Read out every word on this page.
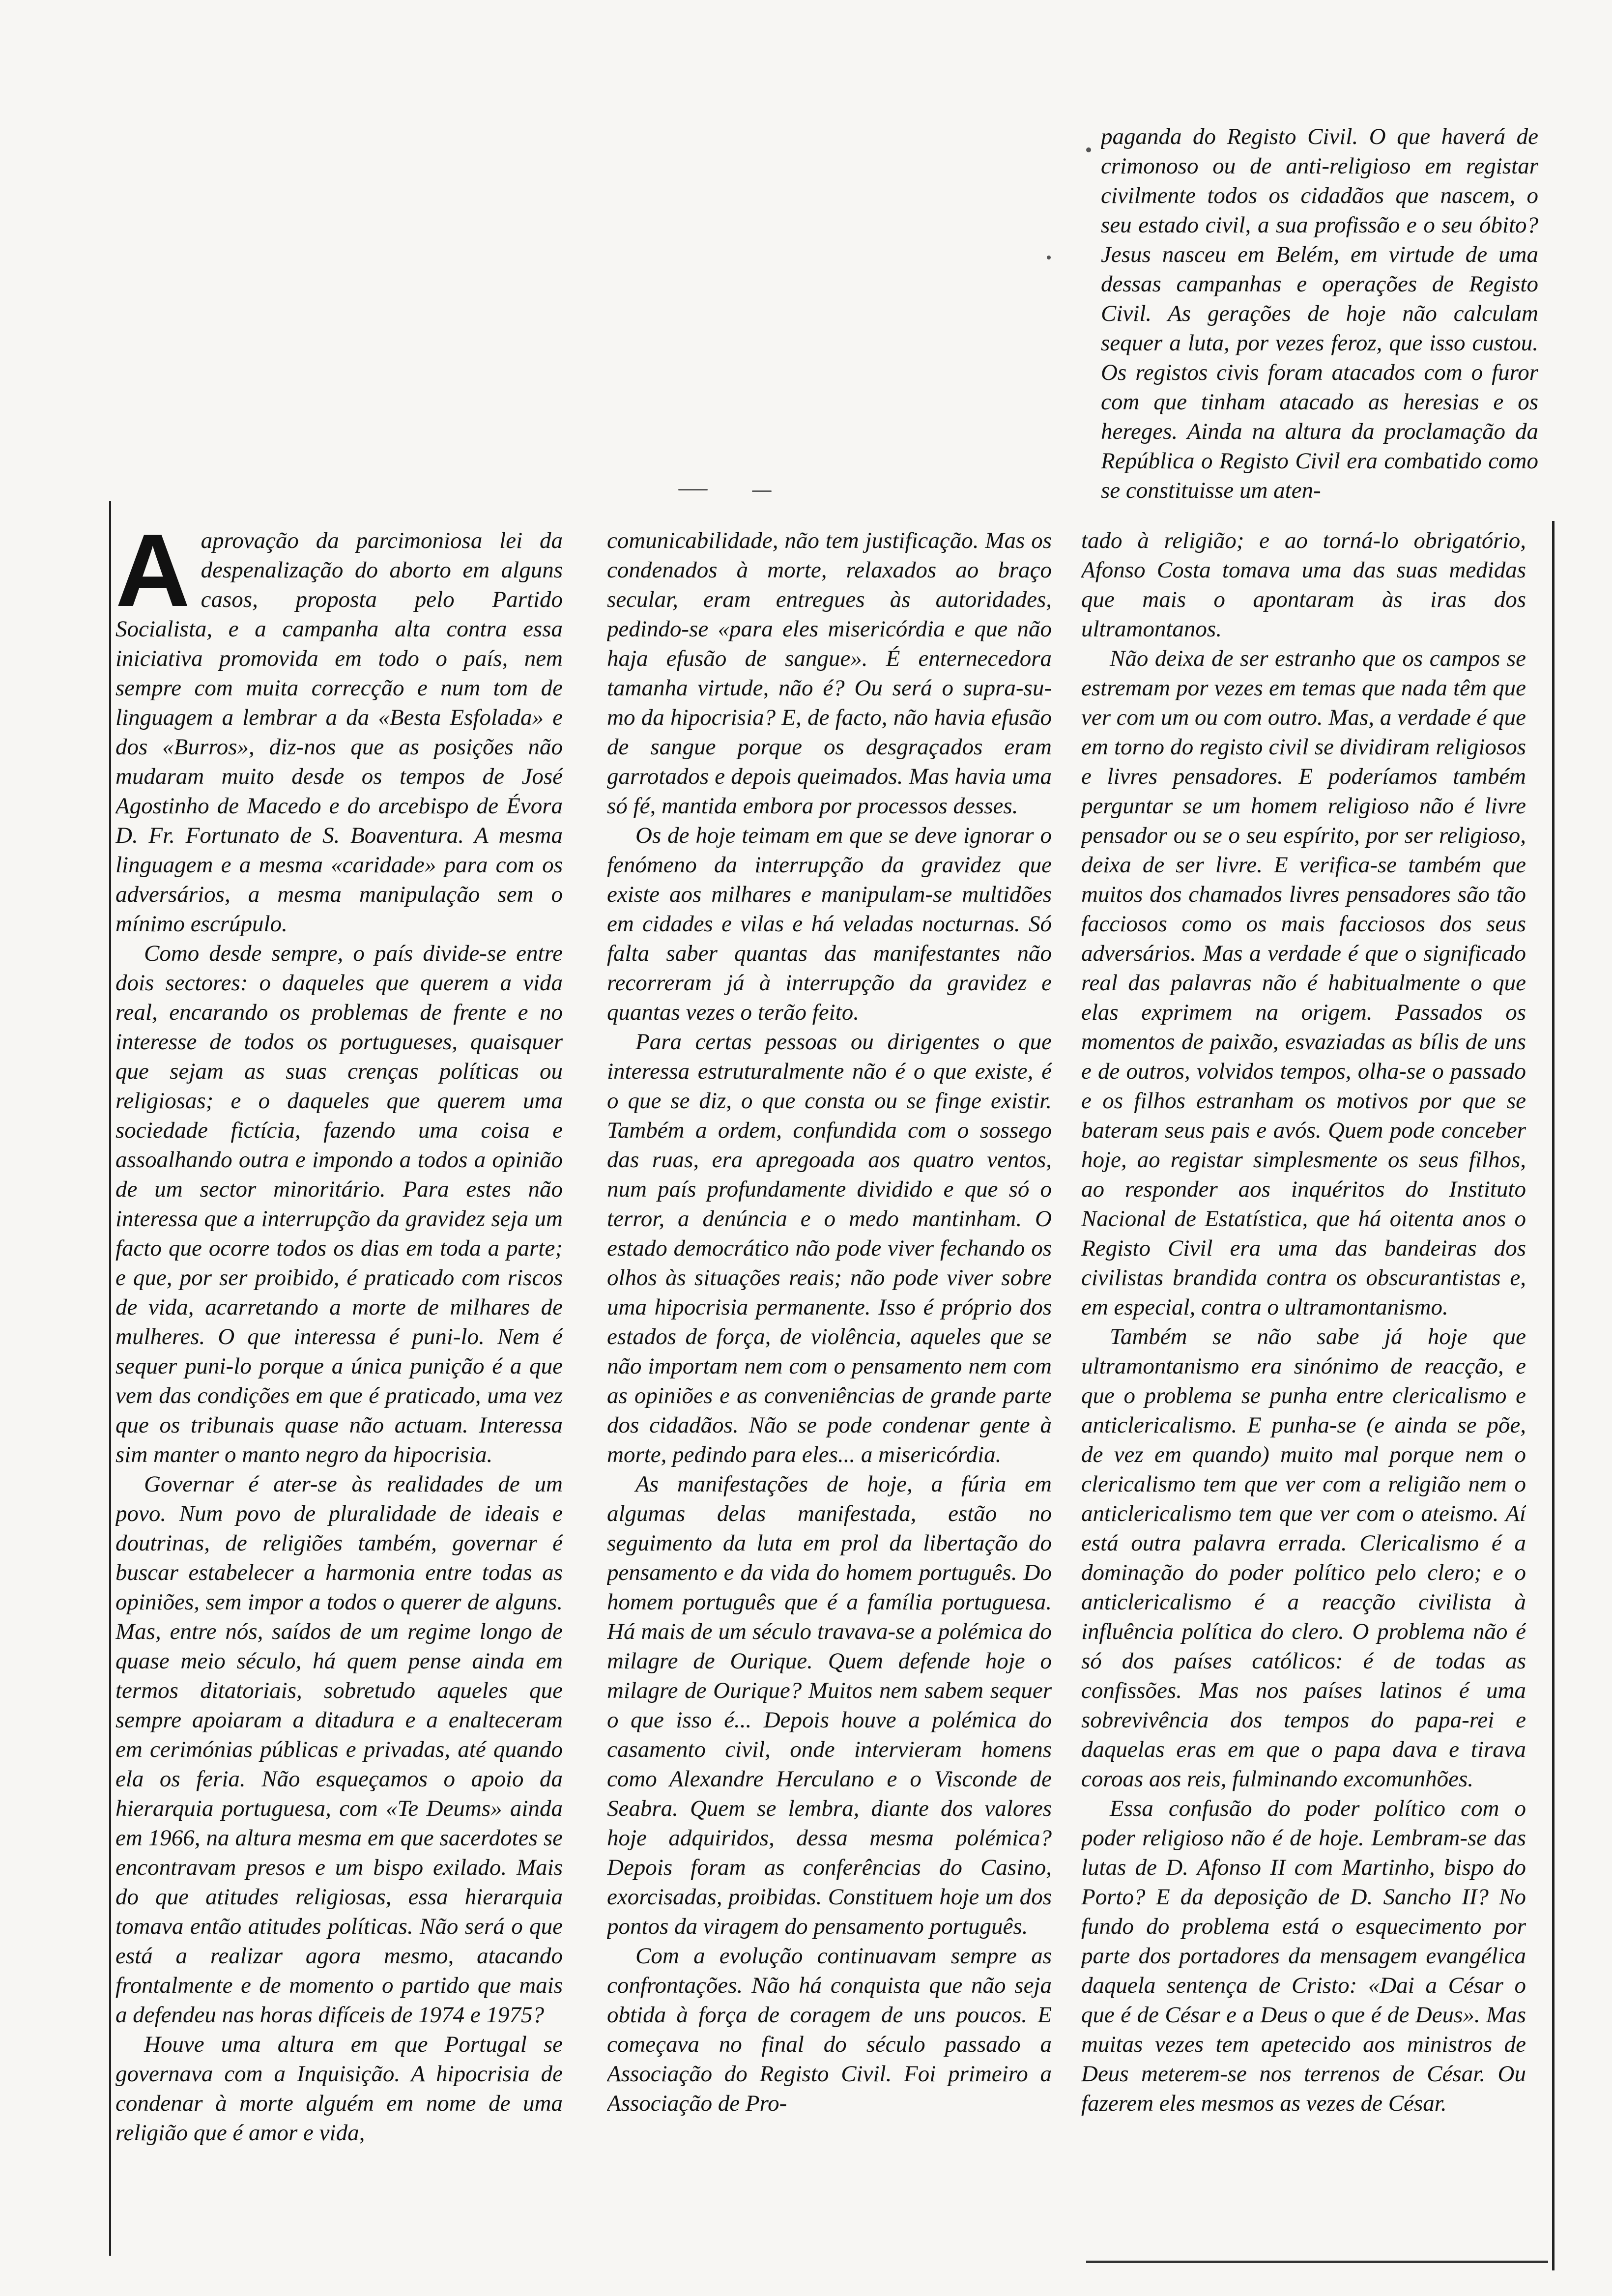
paganda do Registo Civil. O que haverá de crimonoso ou de anti-religioso em registar civilmente todos os cidadãos que nascem, o seu estado civil, a sua profissão e o seu óbito? Jesus nasceu em Belém, em virtude de uma dessas campanhas e operações de Registo Civil. As gerações de hoje não calculam sequer a luta, por vezes feroz, que isso custou. Os registos civis foram atacados com o furor com que tinham atacado as heresias e os hereges. Ainda na altura da proclamação da República o Registo Civil era combatido como se constituisse um aten-

Aaprovação da parcimoniosa lei da despenalização do aborto em alguns casos, proposta pelo Partido Socialista, e a campanha alta contra essa iniciativa promovida em todo o país, nem sempre com muita correcção e num tom de linguagem a lembrar a da «Besta Esfolada» e dos «Burros», diz-nos que as posições não mudaram muito desde os tempos de José Agostinho de Macedo e do arcebispo de Évora D. Fr. Fortunato de S. Boaventura. A mesma linguagem e a mesma «caridade» para com os adversários, a mesma manipulação sem o mínimo escrúpulo.

Como desde sempre, o país divide-se entre dois sectores: o daqueles que querem a vida real, encarando os problemas de frente e no interesse de todos os portugueses, quaisquer que sejam as suas crenças políticas ou religiosas; e o daqueles que querem uma sociedade fictícia, fazendo uma coisa e assoalhando outra e impondo a todos a opinião de um sector minoritário. Para estes não interessa que a interrupção da gravidez seja um facto que ocorre todos os dias em toda a parte; e que, por ser proibido, é praticado com riscos de vida, acarretando a morte de milhares de mulheres. O que interessa é puni-lo. Nem é sequer puni-lo porque a única punição é a que vem das condições em que é praticado, uma vez que os tribunais quase não actuam. Interessa sim manter o manto negro da hipocrisia.

Governar é ater-se às realidades de um povo. Num povo de pluralidade de ideais e doutrinas, de religiões também, governar é buscar estabelecer a harmonia entre todas as opiniões, sem impor a todos o querer de alguns. Mas, entre nós, saídos de um regime longo de quase meio século, há quem pense ainda em termos ditatoriais, sobretudo aqueles que sempre apoiaram a ditadura e a enalteceram em cerimónias públicas e privadas, até quando ela os feria. Não esqueçamos o apoio da hierarquia portuguesa, com «Te Deums» ainda em 1966, na altura mesma em que sacerdotes se encontravam presos e um bispo exilado. Mais do que atitudes religiosas, essa hierarquia tomava então atitudes políticas. Não será o que está a realizar agora mesmo, atacando frontalmente e de momento o partido que mais a defendeu nas horas difíceis de 1974 e 1975?

Houve uma altura em que Portugal se governava com a Inquisição. A hipocrisia de condenar à morte alguém em nome de uma religião que é amor e vida,

comunicabilidade, não tem justificação. Mas os condenados à morte, relaxados ao braço secular, eram entregues às autoridades, pedindo-se «para eles misericórdia e que não haja efusão de sangue». É enternecedora tamanha virtude, não é? Ou será o supra-su-mo da hipocrisia? E, de facto, não havia efusão de sangue porque os desgraçados eram garrotados e depois queimados. Mas havia uma só fé, mantida embora por processos desses.

Os de hoje teimam em que se deve ignorar o fenómeno da interrupção da gravidez que existe aos milhares e manipulam-se multidões em cidades e vilas e há veladas nocturnas. Só falta saber quantas das manifestantes não recorreram já à interrupção da gravidez e quantas vezes o terão feito.

Para certas pessoas ou dirigentes o que interessa estruturalmente não é o que existe, é o que se diz, o que consta ou se finge existir. Também a ordem, confundida com o sossego das ruas, era apregoada aos quatro ventos, num país profundamente dividido e que só o terror, a denúncia e o medo mantinham. O estado democrático não pode viver fechando os olhos às situações reais; não pode viver sobre uma hipocrisia permanente. Isso é próprio dos estados de força, de violência, aqueles que se não importam nem com o pensamento nem com as opiniões e as conveniências de grande parte dos cidadãos. Não se pode condenar gente à morte, pedindo para eles... a misericórdia.

As manifestações de hoje, a fúria em algumas delas manifestada, estão no seguimento da luta em prol da libertação do pensamento e da vida do homem português. Do homem português que é a família portuguesa. Há mais de um século travava-se a polémica do milagre de Ourique. Quem defende hoje o milagre de Ourique? Muitos nem sabem sequer o que isso é... Depois houve a polémica do casamento civil, onde intervieram homens como Alexandre Herculano e o Visconde de Seabra. Quem se lembra, diante dos valores hoje adquiridos, dessa mesma polémica? Depois foram as conferências do Casino, exorcisadas, proibidas. Constituem hoje um dos pontos da viragem do pensamento português.

Com a evolução continuavam sempre as confrontações. Não há conquista que não seja obtida à força de coragem de uns poucos. E começava no final do século passado a Associação do Registo Civil. Foi primeiro a Associação de Pro-

tado à religião; e ao torná-lo obrigatório, Afonso Costa tomava uma das suas medidas que mais o apontaram às iras dos ultramontanos.

Não deixa de ser estranho que os campos se estremam por vezes em temas que nada têm que ver com um ou com outro. Mas, a verdade é que em torno do registo civil se dividiram religiosos e livres pensadores. E poderíamos também perguntar se um homem religioso não é livre pensador ou se o seu espírito, por ser religioso, deixa de ser livre. E verifica-se também que muitos dos chamados livres pensadores são tão facciosos como os mais facciosos dos seus adversários. Mas a verdade é que o significado real das palavras não é habitualmente o que elas exprimem na origem. Passados os momentos de paixão, esvaziadas as bílis de uns e de outros, volvidos tempos, olha-se o passado e os filhos estranham os motivos por que se bateram seus pais e avós. Quem pode conceber hoje, ao registar simplesmente os seus filhos, ao responder aos inquéritos do Instituto Nacional de Estatística, que há oitenta anos o Registo Civil era uma das bandeiras dos civilistas brandida contra os obscurantistas e, em especial, contra o ultramontanismo.

Também se não sabe já hoje que ultramontanismo era sinónimo de reacção, e que o problema se punha entre clericalismo e anticlericalismo. E punha-se (e ainda se põe, de vez em quando) muito mal porque nem o clericalismo tem que ver com a religião nem o anticlericalismo tem que ver com o ateismo. Aí está outra palavra errada. Clericalismo é a dominação do poder político pelo clero; e o anticlericalismo é a reacção civilista à influência política do clero. O problema não é só dos países católicos: é de todas as confissões. Mas nos países latinos é uma sobrevivência dos tempos do papa-rei e daquelas eras em que o papa dava e tirava coroas aos reis, fulminando excomunhões.

Essa confusão do poder político com o poder religioso não é de hoje. Lembram-se das lutas de D. Afonso II com Martinho, bispo do Porto? E da deposição de D. Sancho II? No fundo do problema está o esquecimento por parte dos portadores da mensagem evangélica daquela sentença de Cristo: «Dai a César o que é de César e a Deus o que é de Deus». Mas muitas vezes tem apetecido aos ministros de Deus meterem-se nos terrenos de César. Ou fazerem eles mesmos as vezes de César.
